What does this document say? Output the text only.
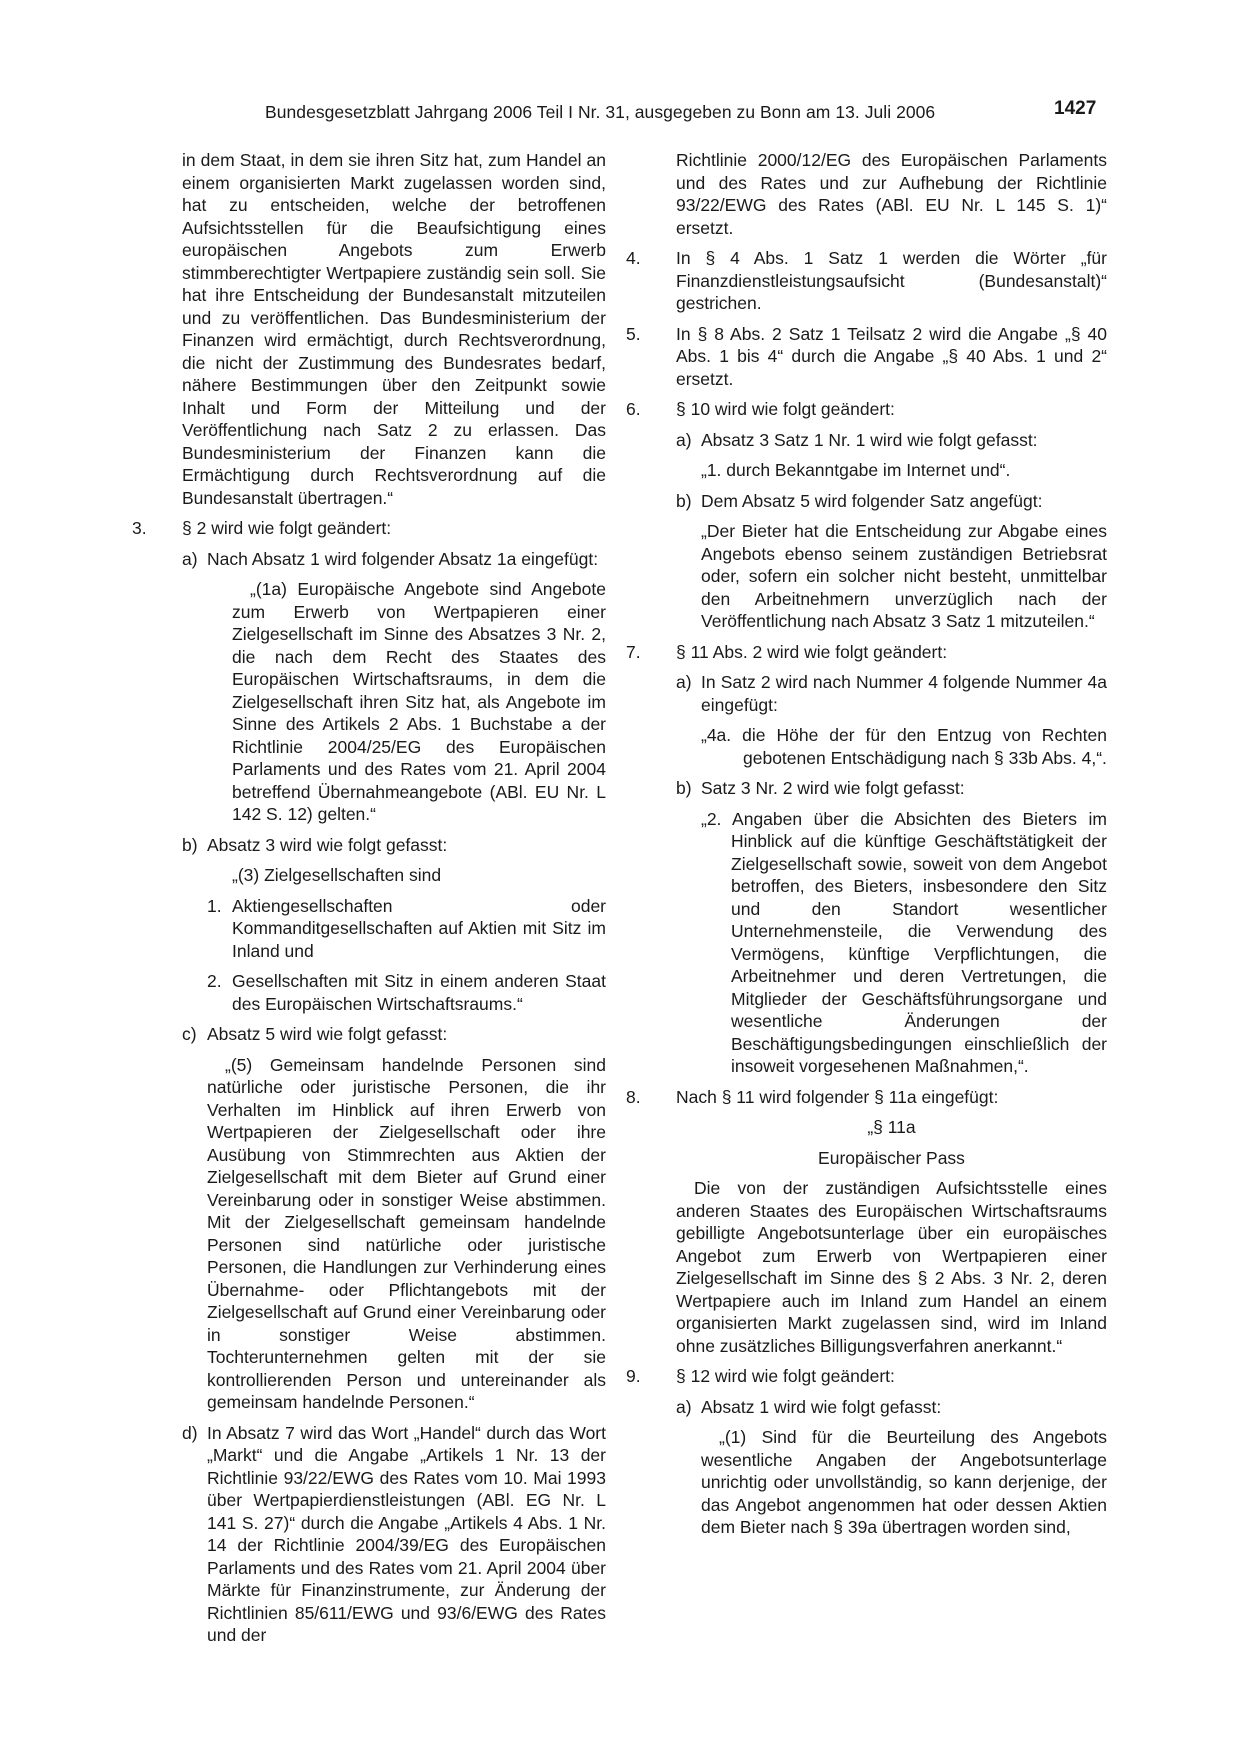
Bundesgesetzblatt Jahrgang 2006 Teil I Nr. 31, ausgegeben zu Bonn am 13. Juli 2006	1427
in dem Staat, in dem sie ihren Sitz hat, zum Handel an einem organisierten Markt zugelassen worden sind, hat zu entscheiden, welche der betroffenen Aufsichtsstellen für die Beaufsichtigung eines europäischen Angebots zum Erwerb stimmberechtigter Wertpapiere zuständig sein soll. Sie hat ihre Entscheidung der Bundesanstalt mitzuteilen und zu veröffentlichen. Das Bundesministerium der Finanzen wird ermächtigt, durch Rechtsverordnung, die nicht der Zustimmung des Bundesrates bedarf, nähere Bestimmungen über den Zeitpunkt sowie Inhalt und Form der Mitteilung und der Veröffentlichung nach Satz 2 zu erlassen. Das Bundesministerium der Finanzen kann die Ermächtigung durch Rechtsverordnung auf die Bundesanstalt übertragen.“
3. § 2 wird wie folgt geändert:
a) Nach Absatz 1 wird folgender Absatz 1a eingefügt:
„(1a) Europäische Angebote sind Angebote zum Erwerb von Wertpapieren einer Zielgesellschaft im Sinne des Absatzes 3 Nr. 2, die nach dem Recht des Staates des Europäischen Wirtschaftsraums, in dem die Zielgesellschaft ihren Sitz hat, als Angebote im Sinne des Artikels 2 Abs. 1 Buchstabe a der Richtlinie 2004/25/EG des Europäischen Parlaments und des Rates vom 21. April 2004 betreffend Übernahmeangebote (ABl. EU Nr. L 142 S. 12) gelten.“
b) Absatz 3 wird wie folgt gefasst:
„(3) Zielgesellschaften sind
1. Aktiengesellschaften oder Kommanditgesellschaften auf Aktien mit Sitz im Inland und
2. Gesellschaften mit Sitz in einem anderen Staat des Europäischen Wirtschaftsraums.“
c) Absatz 5 wird wie folgt gefasst:
„(5) Gemeinsam handelnde Personen sind natürliche oder juristische Personen, die ihr Verhalten im Hinblick auf ihren Erwerb von Wertpapieren der Zielgesellschaft oder ihre Ausübung von Stimmrechten aus Aktien der Zielgesellschaft mit dem Bieter auf Grund einer Vereinbarung oder in sonstiger Weise abstimmen. Mit der Zielgesellschaft gemeinsam handelnde Personen sind natürliche oder juristische Personen, die Handlungen zur Verhinderung eines Übernahme- oder Pflichtangebots mit der Zielgesellschaft auf Grund einer Vereinbarung oder in sonstiger Weise abstimmen. Tochterunternehmen gelten mit der sie kontrollierenden Person und untereinander als gemeinsam handelnde Personen.“
d) In Absatz 7 wird das Wort „Handel“ durch das Wort „Markt“ und die Angabe „Artikels 1 Nr. 13 der Richtlinie 93/22/EWG des Rates vom 10. Mai 1993 über Wertpapierdienstleistungen (ABl. EG Nr. L 141 S. 27)“ durch die Angabe „Artikels 4 Abs. 1 Nr. 14 der Richtlinie 2004/39/EG des Europäischen Parlaments und des Rates vom 21. April 2004 über Märkte für Finanzinstrumente, zur Änderung der Richtlinien 85/611/EWG und 93/6/EWG des Rates und der
Richtlinie 2000/12/EG des Europäischen Parlaments und des Rates und zur Aufhebung der Richtlinie 93/22/EWG des Rates (ABl. EU Nr. L 145 S. 1)“ ersetzt.
4. In § 4 Abs. 1 Satz 1 werden die Wörter „für Finanzdienstleistungsaufsicht (Bundesanstalt)“ gestrichen.
5. In § 8 Abs. 2 Satz 1 Teilsatz 2 wird die Angabe „§ 40 Abs. 1 bis 4“ durch die Angabe „§ 40 Abs. 1 und 2“ ersetzt.
6. § 10 wird wie folgt geändert:
a) Absatz 3 Satz 1 Nr. 1 wird wie folgt gefasst:
„1. durch Bekanntgabe im Internet und“.
b) Dem Absatz 5 wird folgender Satz angefügt:
„Der Bieter hat die Entscheidung zur Abgabe eines Angebots ebenso seinem zuständigen Betriebsrat oder, sofern ein solcher nicht besteht, unmittelbar den Arbeitnehmern unverzüglich nach der Veröffentlichung nach Absatz 3 Satz 1 mitzuteilen.“
7. § 11 Abs. 2 wird wie folgt geändert:
a) In Satz 2 wird nach Nummer 4 folgende Nummer 4a eingefügt:
„4a. die Höhe der für den Entzug von Rechten gebotenen Entschädigung nach § 33b Abs. 4,“.
b) Satz 3 Nr. 2 wird wie folgt gefasst:
„2. Angaben über die Absichten des Bieters im Hinblick auf die künftige Geschäftstätigkeit der Zielgesellschaft sowie, soweit von dem Angebot betroffen, des Bieters, insbesondere den Sitz und den Standort wesentlicher Unternehmensteile, die Verwendung des Vermögens, künftige Verpflichtungen, die Arbeitnehmer und deren Vertretungen, die Mitglieder der Geschäftsführungsorgane und wesentliche Änderungen der Beschäftigungsbedingungen einschließlich der insoweit vorgesehenen Maßnahmen,“.
8. Nach § 11 wird folgender § 11a eingefügt:
„§ 11a
Europäischer Pass
Die von der zuständigen Aufsichtsstelle eines anderen Staates des Europäischen Wirtschaftsraums gebilligte Angebotsunterlage über ein europäisches Angebot zum Erwerb von Wertpapieren einer Zielgesellschaft im Sinne des § 2 Abs. 3 Nr. 2, deren Wertpapiere auch im Inland zum Handel an einem organisierten Markt zugelassen sind, wird im Inland ohne zusätzliches Billigungsverfahren anerkannt.“
9. § 12 wird wie folgt geändert:
a) Absatz 1 wird wie folgt gefasst:
„(1) Sind für die Beurteilung des Angebots wesentliche Angaben der Angebotsunterlage unrichtig oder unvollständig, so kann derjenige, der das Angebot angenommen hat oder dessen Aktien dem Bieter nach § 39a übertragen worden sind,
